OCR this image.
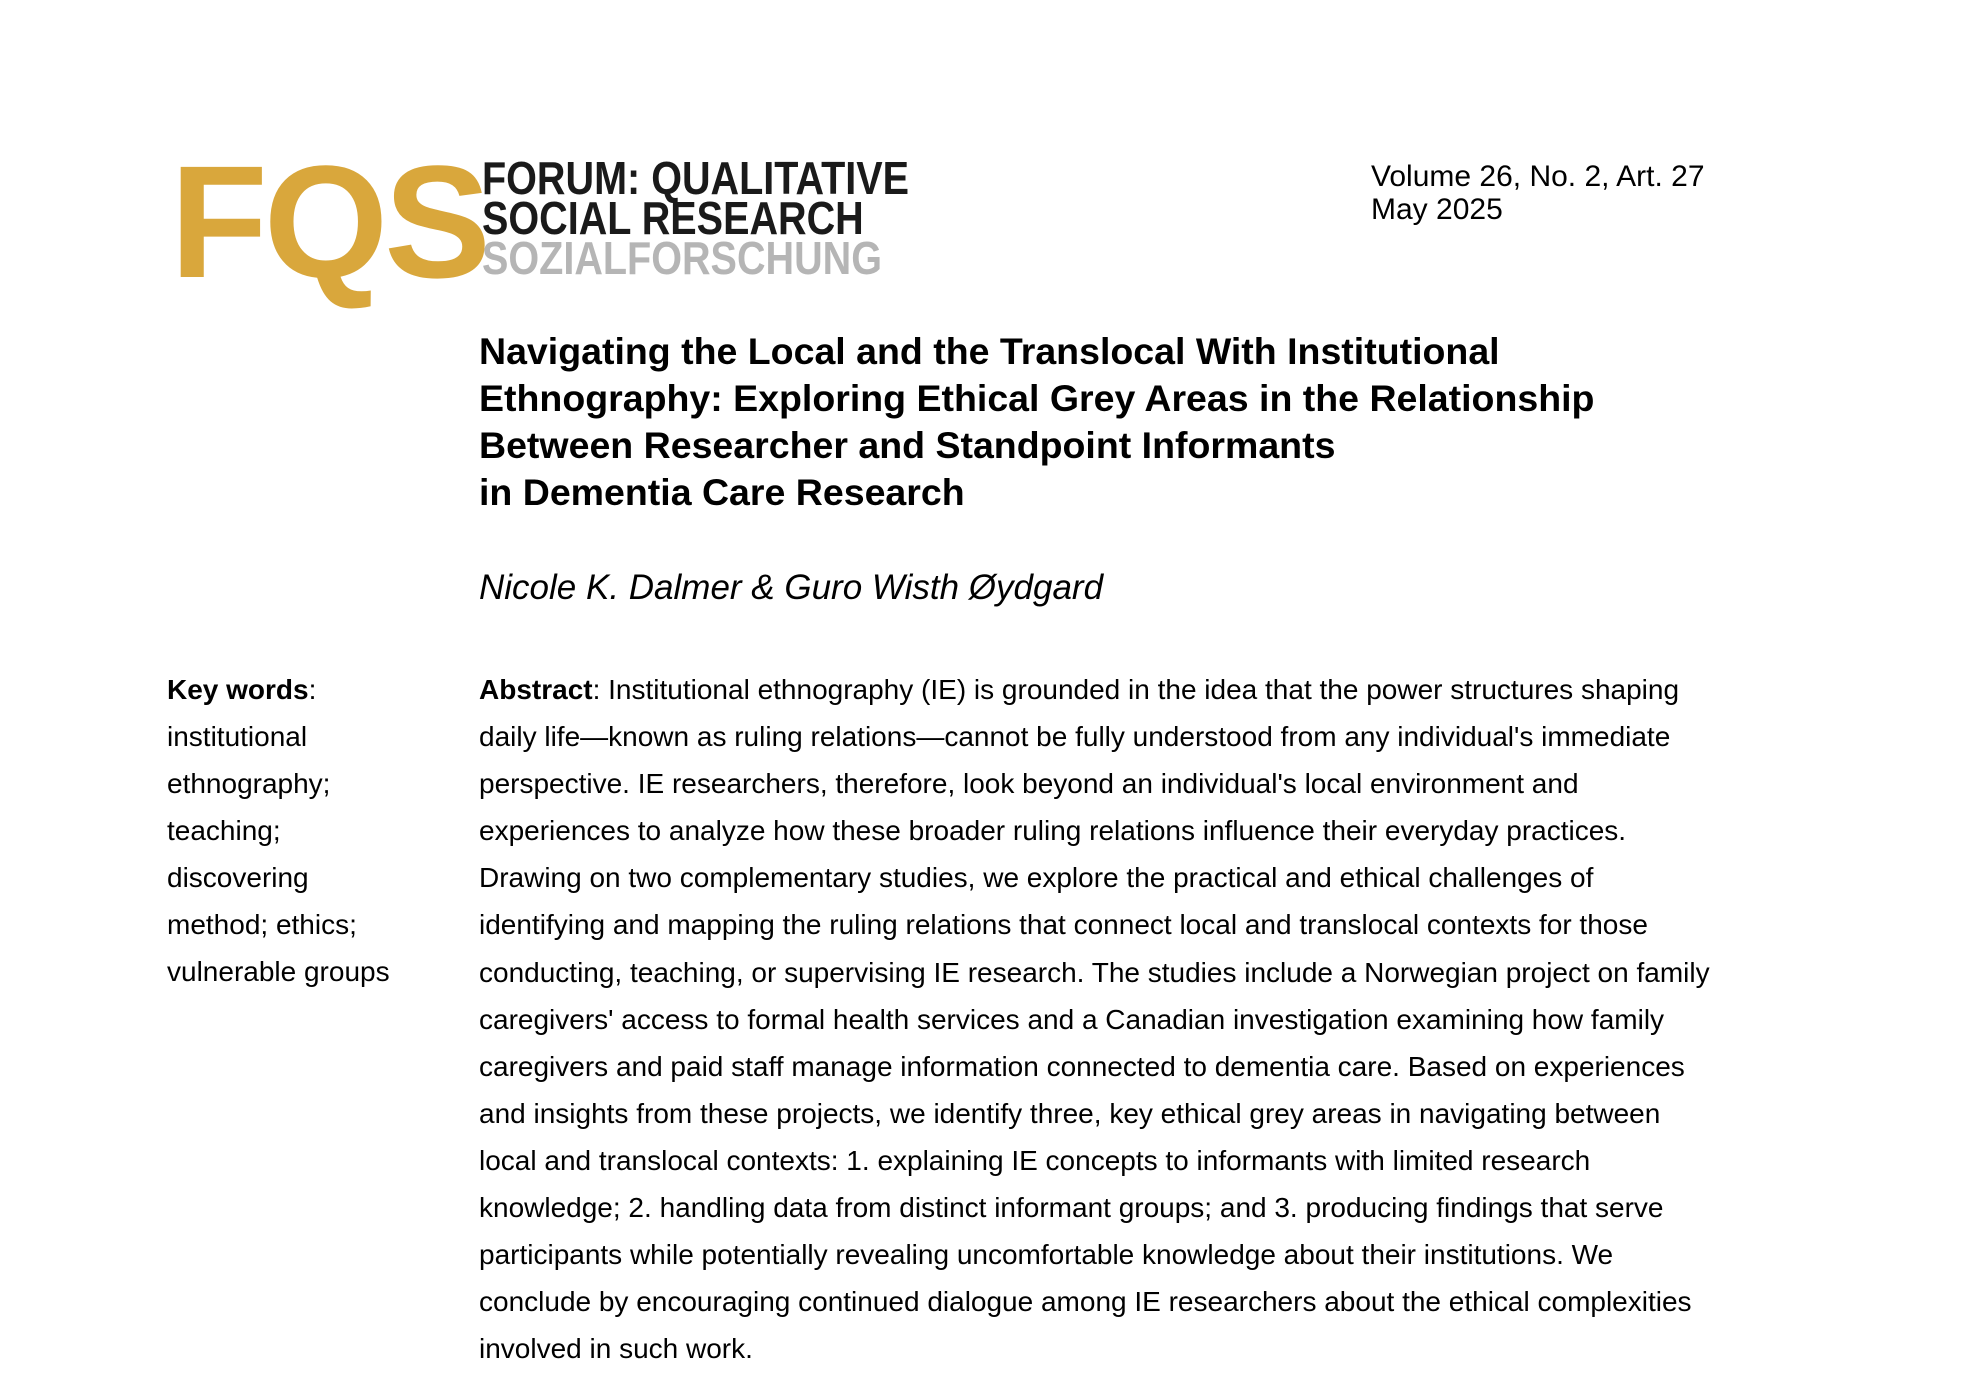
FQS
FORUM: QUALITATIVE
SOCIAL RESEARCH
SOZIALFORSCHUNG
Volume 26, No. 2, Art. 27
May 2025
Navigating the Local and the Translocal With Institutional
Ethnography: Exploring Ethical Grey Areas in the Relationship
Between Researcher and Standpoint Informants
in Dementia Care Research
Nicole K. Dalmer & Guro Wisth Øydgard
Key words:
institutional
ethnography;
teaching;
discovering
method; ethics;
vulnerable groups
Abstract: Institutional ethnography (IE) is grounded in the idea that the power structures shaping
daily life—known as ruling relations—cannot be fully understood from any individual's immediate
perspective. IE researchers, therefore, look beyond an individual's local environment and
experiences to analyze how these broader ruling relations influence their everyday practices.
Drawing on two complementary studies, we explore the practical and ethical challenges of
identifying and mapping the ruling relations that connect local and translocal contexts for those
conducting, teaching, or supervising IE research. The studies include a Norwegian project on family
caregivers' access to formal health services and a Canadian investigation examining how family
caregivers and paid staff manage information connected to dementia care. Based on experiences
and insights from these projects, we identify three, key ethical grey areas in navigating between
local and translocal contexts: 1. explaining IE concepts to informants with limited research
knowledge; 2. handling data from distinct informant groups; and 3. producing findings that serve
participants while potentially revealing uncomfortable knowledge about their institutions. We
conclude by encouraging continued dialogue among IE researchers about the ethical complexities
involved in such work.
